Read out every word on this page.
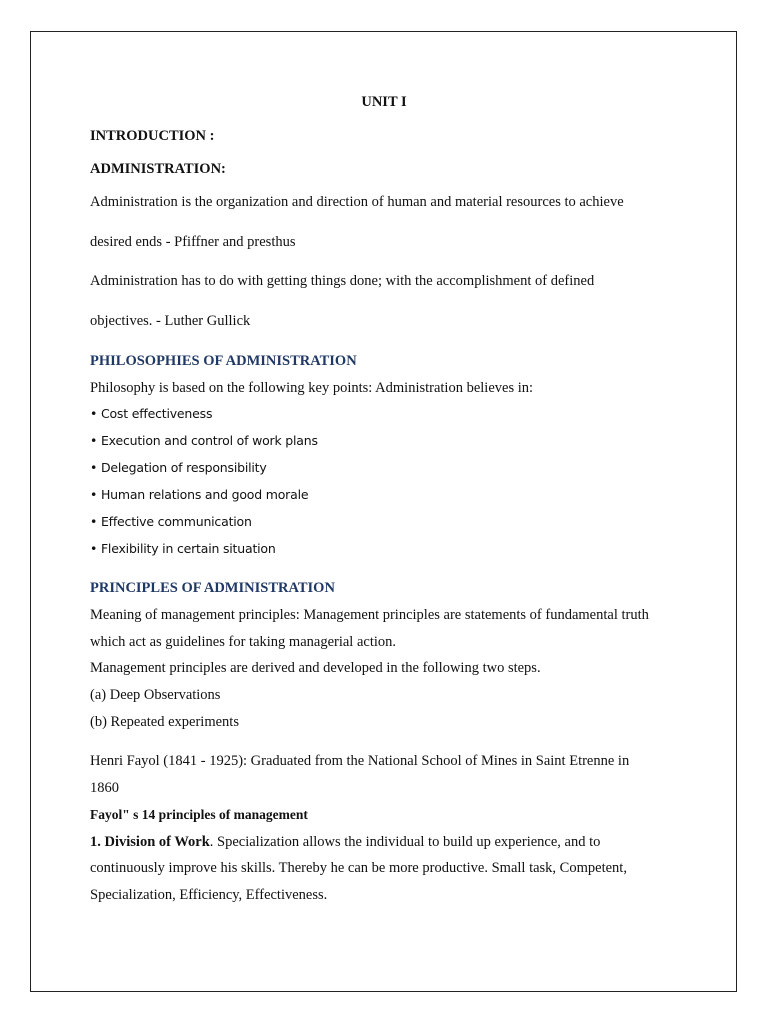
UNIT I
INTRODUCTION :
ADMINISTRATION:
Administration is the organization and direction of human and material resources to achieve
desired ends - Pfiffner and presthus
Administration has to do with getting things done; with the accomplishment of defined
objectives. - Luther Gullick
PHILOSOPHIES OF ADMINISTRATION
Philosophy is based on the following key points: Administration believes in:
• Cost effectiveness
• Execution and control of work plans
• Delegation of responsibility
• Human relations and good morale
• Effective communication
• Flexibility in certain situation
PRINCIPLES OF ADMINISTRATION
Meaning of management principles: Management principles are statements of fundamental truth
which act as guidelines for taking managerial action.
Management principles are derived and developed in the following two steps.
(a) Deep Observations
(b) Repeated experiments
Henri Fayol (1841 - 1925): Graduated from the National School of Mines in Saint Etrenne in
1860
Fayol" s 14 principles of management
1. Division of Work. Specialization allows the individual to build up experience, and to
continuously improve his skills. Thereby he can be more productive. Small task, Competent,
Specialization, Efficiency, Effectiveness.
